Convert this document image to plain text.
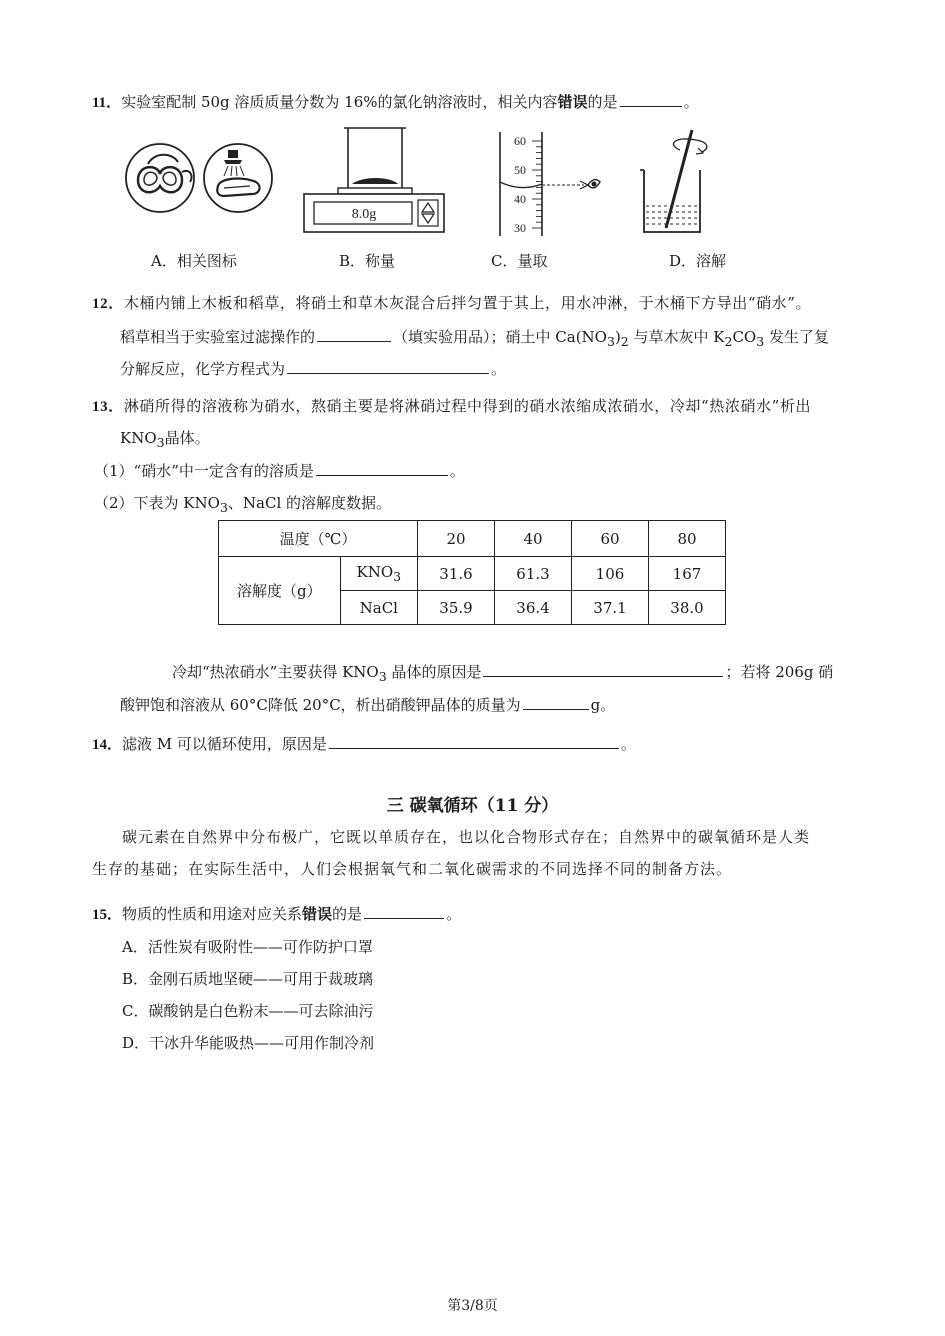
11．实验室配制 50g 溶质质量分数为 16%的氯化钠溶液时，相关内容错误的是	。
8.0g
60
50
40
30
A．相关图标	B．称量	C．量取	D．溶解
12．木桶内铺上木板和稻草，将硝土和草木灰混合后拌匀置于其上，用水冲淋，于木桶下方导出“硝水”。
稻草相当于实验室过滤操作的	（填实验用品）；硝土中 $Ca(NO_3)_2$ 与草木灰中 $K_2CO_3$ 发生了复
分解反应，化学方程式为	。
13．淋硝所得的溶液称为硝水，熬硝主要是将淋硝过程中得到的硝水浓缩成浓硝水，冷却“热浓硝水”析出
$KNO_3$晶体。
（1）“硝水”中一定含有的溶质是	。
（2）下表为 $KNO_3$、NaCl 的溶解度数据。
温度（℃）		20	40	60	80
溶解度（g）	$KNO_3$	31.6	61.3	106	167
	NaCl	35.9	36.4	37.1	38.0
冷却“热浓硝水”主要获得 $KNO_3$ 晶体的原因是	；若将 206g 硝
酸钾饱和溶液从 60°C降低 20°C，析出硝酸钾晶体的质量为	g。
14．滤液 M 可以循环使用，原因是	。
三 碳氧循环（11 分）
碳元素在自然界中分布极广，它既以单质存在，也以化合物形式存在；自然界中的碳氧循环是人类
生存的基础；在实际生活中，人们会根据氧气和二氧化碳需求的不同选择不同的制备方法。
15．物质的性质和用途对应关系错误的是	。
A．活性炭有吸附性——可作防护口罩
B．金刚石质地坚硬——可用于裁玻璃
C．碳酸钠是白色粉末——可去除油污
D．干冰升华能吸热——可用作制冷剂
第3/8页
